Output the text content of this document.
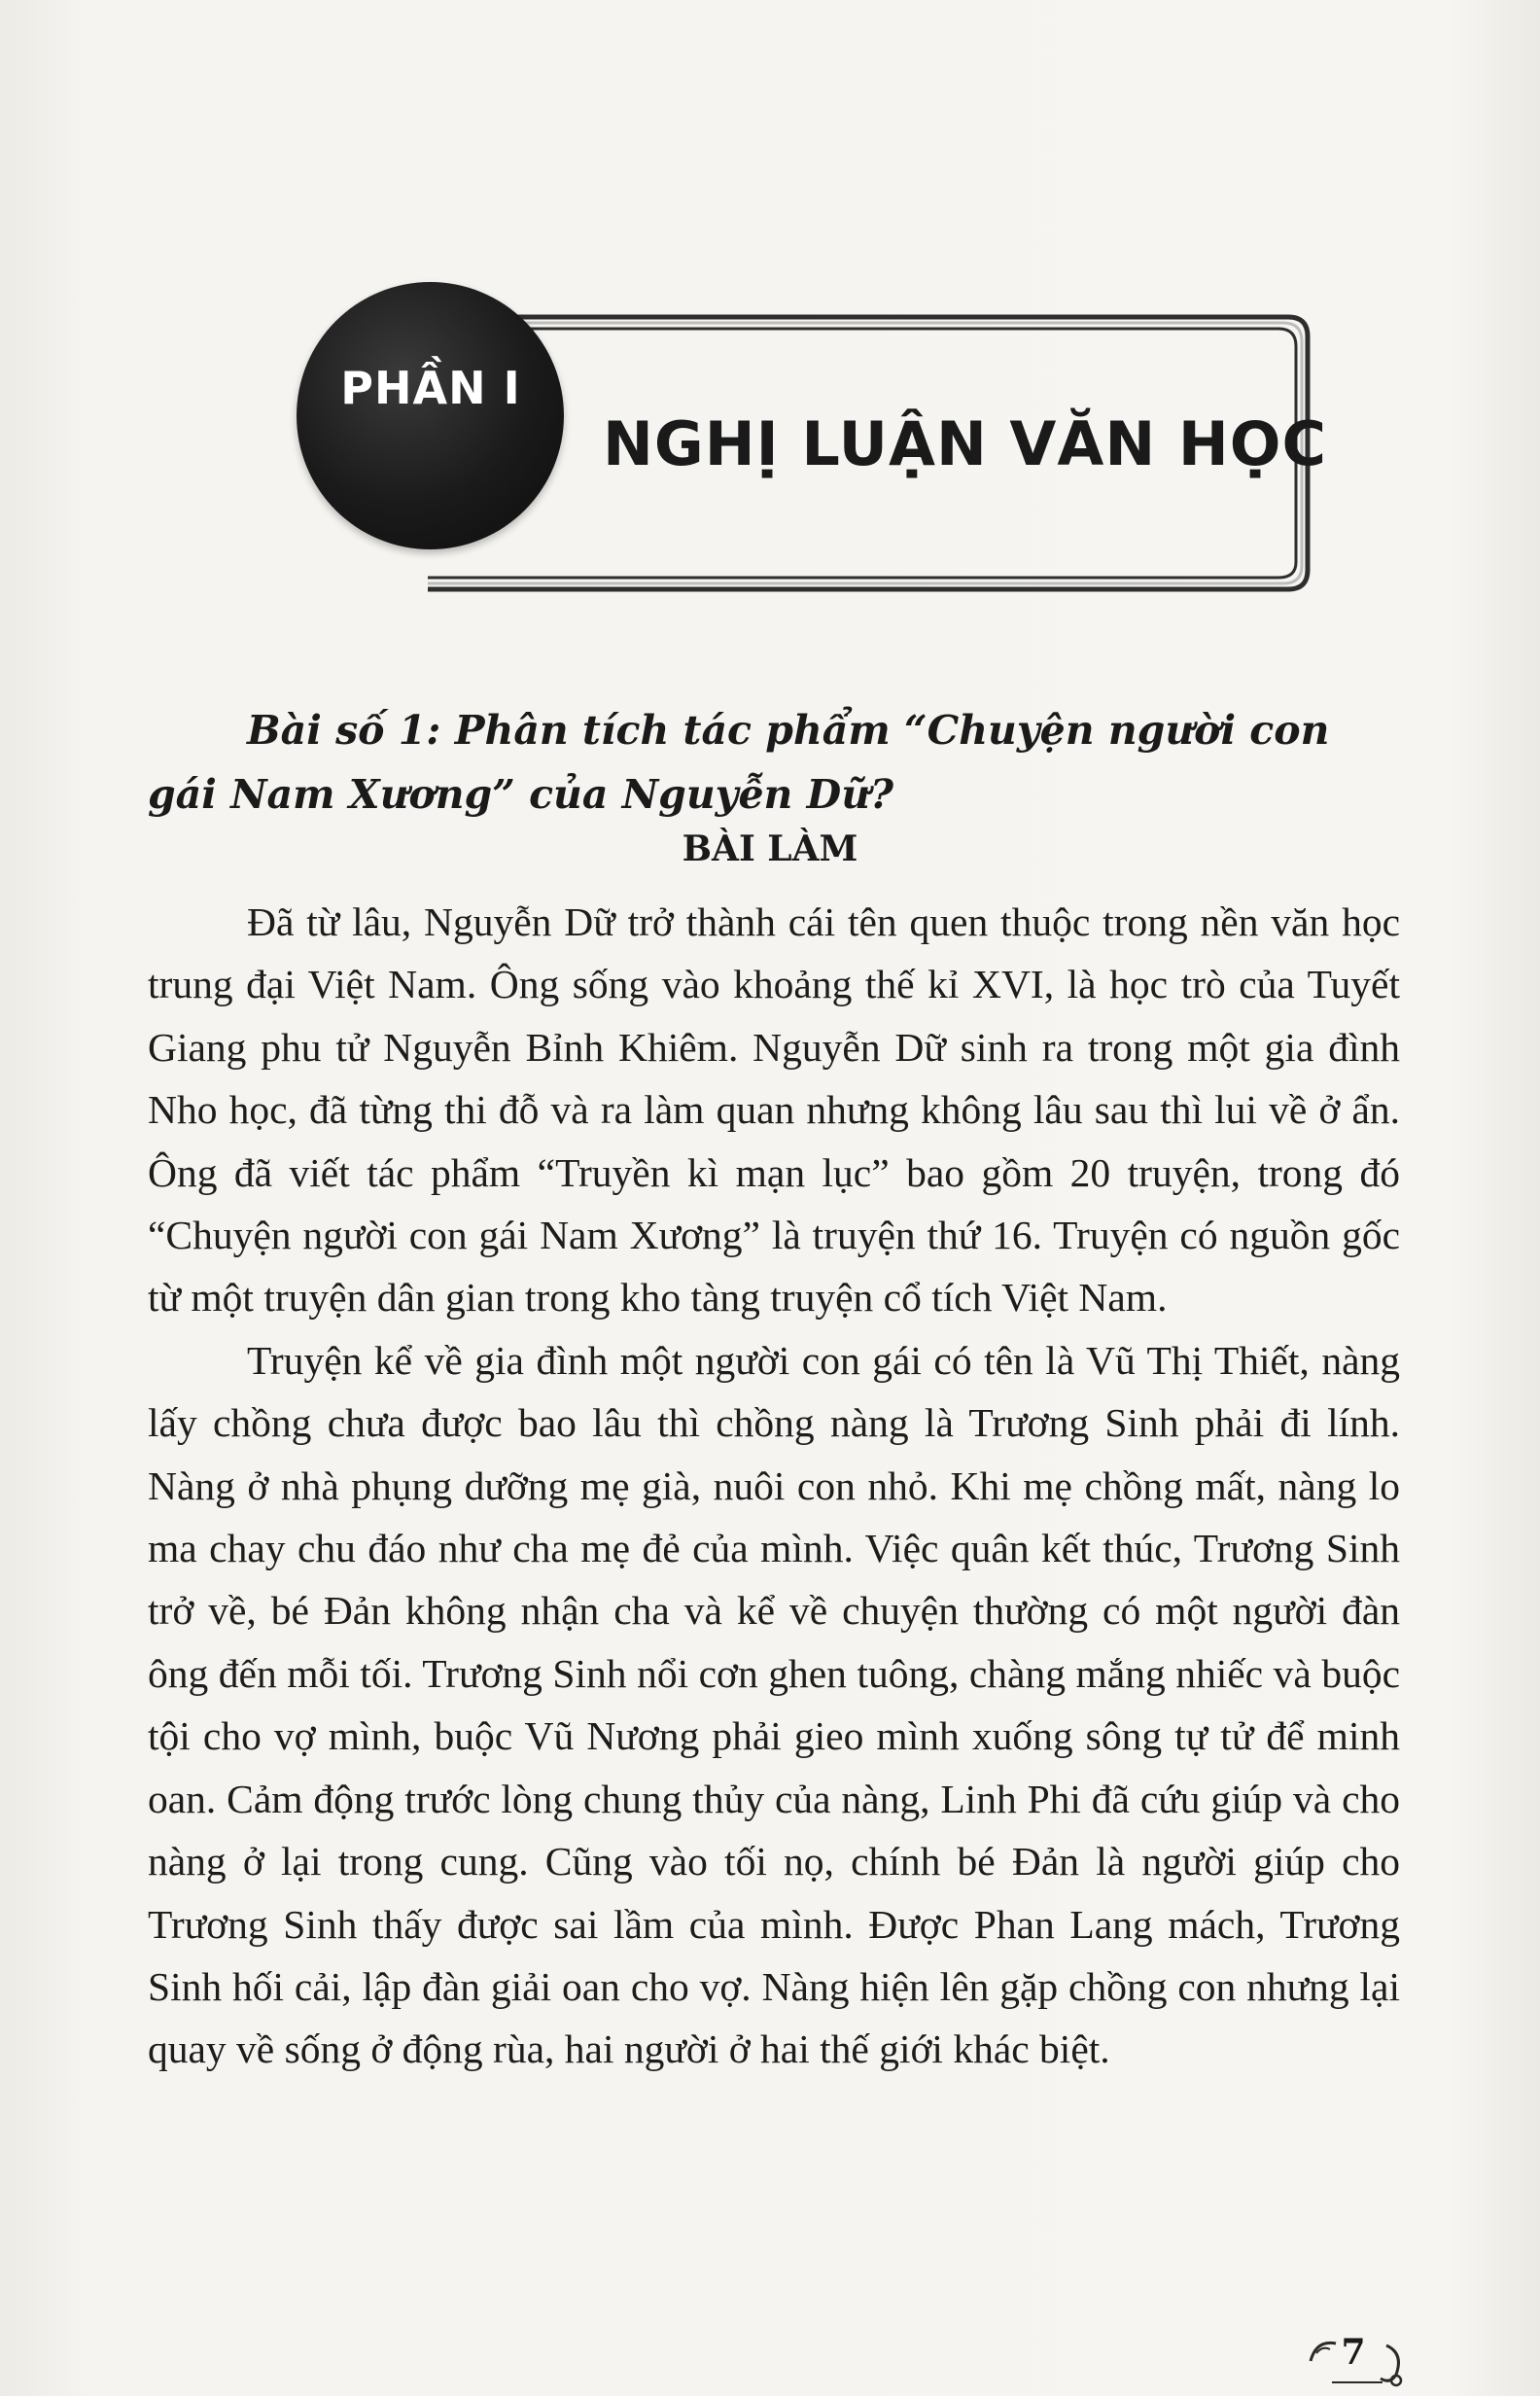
PHẦN I
NGHỊ LUẬN VĂN HỌC
Bài số 1: Phân tích tác phẩm “Chuyện người con gái Nam Xương” của Nguyễn Dữ?
BÀI LÀM

Đã từ lâu, Nguyễn Dữ trở thành cái tên quen thuộc trong nền văn học trung đại Việt Nam. Ông sống vào khoảng thế kỉ XVI, là học trò của Tuyết Giang phu tử Nguyễn Bỉnh Khiêm. Nguyễn Dữ sinh ra trong một gia đình Nho học, đã từng thi đỗ và ra làm quan nhưng không lâu sau thì lui về ở ẩn. Ông đã viết tác phẩm “Truyền kì mạn lục” bao gồm 20 truyện, trong đó “Chuyện người con gái Nam Xương” là truyện thứ 16. Truyện có nguồn gốc từ một truyện dân gian trong kho tàng truyện cổ tích Việt Nam.

Truyện kể về gia đình một người con gái có tên là Vũ Thị Thiết, nàng lấy chồng chưa được bao lâu thì chồng nàng là Trương Sinh phải đi lính. Nàng ở nhà phụng dưỡng mẹ già, nuôi con nhỏ. Khi mẹ chồng mất, nàng lo ma chay chu đáo như cha mẹ đẻ của mình. Việc quân kết thúc, Trương Sinh trở về, bé Đản không nhận cha và kể về chuyện thường có một người đàn ông đến mỗi tối. Trương Sinh nổi cơn ghen tuông, chàng mắng nhiếc và buộc tội cho vợ mình, buộc Vũ Nương phải gieo mình xuống sông tự tử để minh oan. Cảm động trước lòng chung thủy của nàng, Linh Phi đã cứu giúp và cho nàng ở lại trong cung. Cũng vào tối nọ, chính bé Đản là người giúp cho Trương Sinh thấy được sai lầm của mình. Được Phan Lang mách, Trương Sinh hối cải, lập đàn giải oan cho vợ. Nàng hiện lên gặp chồng con nhưng lại quay về sống ở động rùa, hai người ở hai thế giới khác biệt.

7
